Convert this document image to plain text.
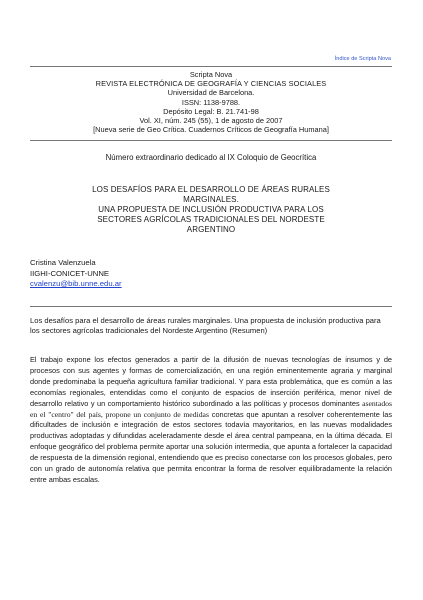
Índice de Scripta Nova
Scripta Nova
REVISTA ELECTRÓNICA DE GEOGRAFÍA Y CIENCIAS SOCIALES
Universidad de Barcelona.
ISSN: 1138-9788.
Depósito Legal: B. 21.741-98
Vol. XI, núm. 245 (55), 1 de agosto de 2007
[Nueva serie de Geo Crítica. Cuadernos Críticos de Geografía Humana]
Número extraordinario dedicado al IX Coloquio de Geocrítica
LOS DESAFÍOS PARA EL DESARROLLO DE ÁREAS RURALES
MARGINALES.
UNA PROPUESTA DE INCLUSIÓN PRODUCTIVA PARA LOS
SECTORES AGRÍCOLAS TRADICIONALES DEL NORDESTE
ARGENTINO
Cristina Valenzuela
IIGHI-CONICET-UNNE
cvalenzu@bib.unne.edu.ar
Los desafíos para el desarrollo de áreas rurales marginales. Una propuesta de inclusión productiva para los sectores agrícolas tradicionales del Nordeste Argentino (Resumen)
El trabajo expone los efectos generados a partir de la difusión de nuevas tecnologías de insumos y de procesos con sus agentes y formas de comercialización, en una región eminentemente agraria y marginal donde predominaba la pequeña agricultura familiar tradicional. Y para esta problemática, que es común a las economías regionales, entendidas como el conjunto de espacios de inserción periférica, menor nivel de desarrollo relativo y un comportamiento histórico subordinado a las políticas y procesos dominantes asentados en el "centro" del país, propone un conjunto de medidas concretas que apuntan a resolver coherentemente las dificultades de inclusión e integración de estos sectores todavía mayoritarios, en las nuevas modalidades productivas adoptadas y difundidas aceleradamente desde el área central pampeana, en la última década. El enfoque geográfico del problema permite aportar una solución intermedia, que apunta a fortalecer la capacidad de respuesta de la dimensión regional, entendiendo que es preciso conectarse con los procesos globales, pero con un grado de autonomía relativa que permita encontrar la forma de resolver equilibradamente la relación entre ambas escalas.
